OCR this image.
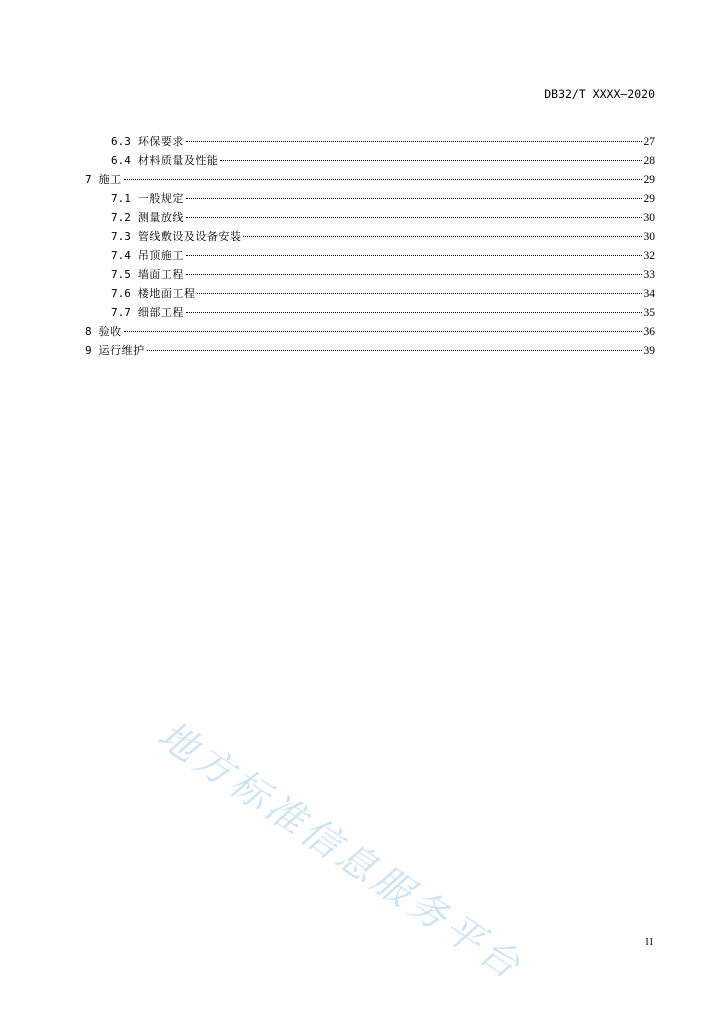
DB32/T XXXX—2020
6.3 环保要求	27
6.4 材料质量及性能	28
7 施工	29
7.1 一般规定	29
7.2 测量放线	30
7.3 管线敷设及设备安装	30
7.4 吊顶施工	32
7.5 墙面工程	33
7.6 楼地面工程	34
7.7 细部工程	35
8 验收	36
9 运行维护	39
地方标准信息服务平台	II
